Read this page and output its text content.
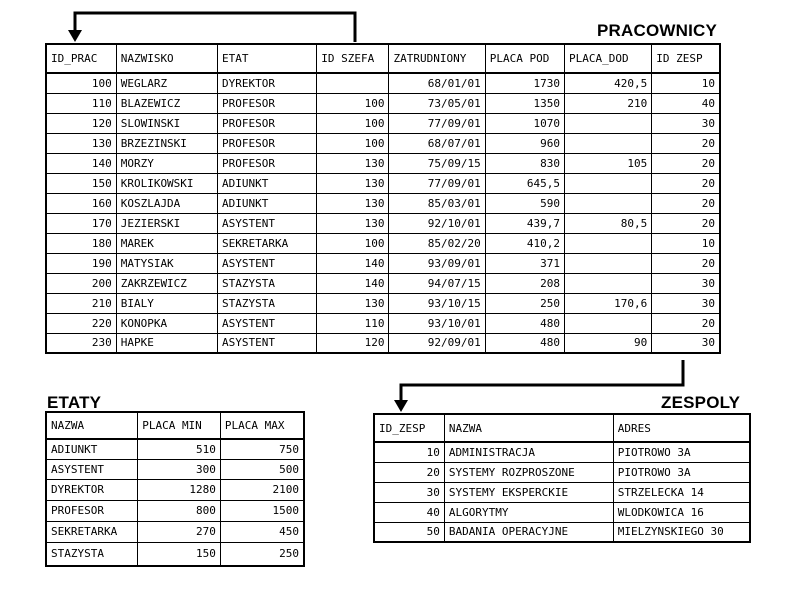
PRACOWNICY
ID_PRAC	NAZWISKO	ETAT	ID SZEFA	ZATRUDNIONY	PLACA POD	PLACA_DOD	ID ZESP
100	WEGLARZ	DYREKTOR		68/01/01	1730	420,5	10
110	BLAZEWICZ	PROFESOR	100	73/05/01	1350	210	40
120	SLOWINSKI	PROFESOR	100	77/09/01	1070		30
130	BRZEZINSKI	PROFESOR	100	68/07/01	960		20
140	MORZY	PROFESOR	130	75/09/15	830	105	20
150	KROLIKOWSKI	ADIUNKT	130	77/09/01	645,5		20
160	KOSZLAJDA	ADIUNKT	130	85/03/01	590		20
170	JEZIERSKI	ASYSTENT	130	92/10/01	439,7	80,5	20
180	MAREK	SEKRETARKA	100	85/02/20	410,2		10
190	MATYSIAK	ASYSTENT	140	93/09/01	371		20
200	ZAKRZEWICZ	STAZYSTA	140	94/07/15	208		30
210	BIALY	STAZYSTA	130	93/10/15	250	170,6	30
220	KONOPKA	ASYSTENT	110	93/10/01	480		20
230	HAPKE	ASYSTENT	120	92/09/01	480	90	30
ETATY
NAZWA	PLACA MIN	PLACA MAX
ADIUNKT	510	750
ASYSTENT	300	500
DYREKTOR	1280	2100
PROFESOR	800	1500
SEKRETARKA	270	450
STAZYSTA	150	250
ZESPOLY
ID_ZESP	NAZWA	ADRES
10	ADMINISTRACJA	PIOTROWO 3A
20	SYSTEMY ROZPROSZONE	PIOTROWO 3A
30	SYSTEMY EKSPERCKIE	STRZELECKA 14
40	ALGORYTMY	WLODKOWICA 16
50	BADANIA OPERACYJNE	MIELZYNSKIEGO 30
